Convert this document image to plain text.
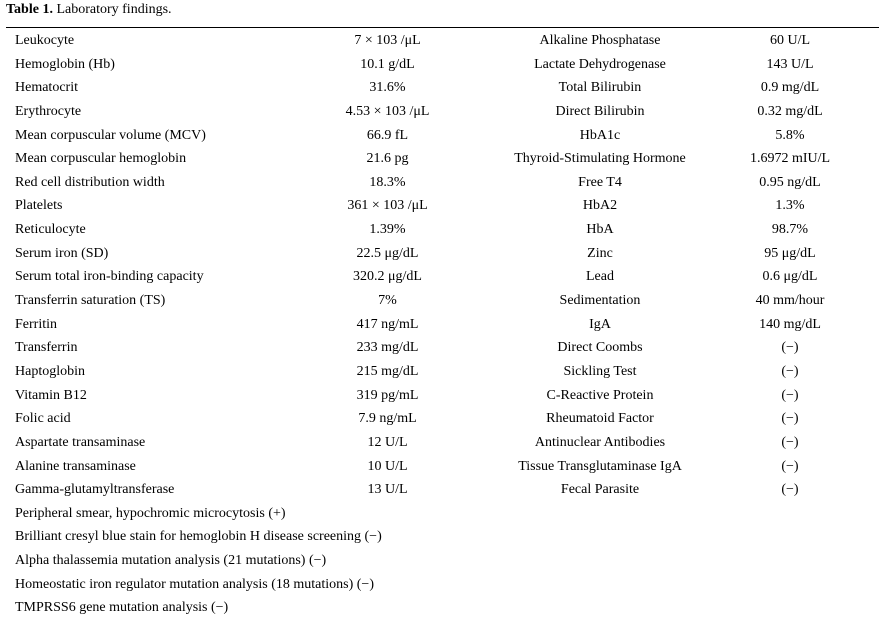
Table 1. Laboratory findings.
Leukocyte	7 × 103 /μL	Alkaline Phosphatase	60 U/L
Hemoglobin (Hb)	10.1 g/dL	Lactate Dehydrogenase	143 U/L
Hematocrit	31.6%	Total Bilirubin	0.9 mg/dL
Erythrocyte	4.53 × 103 /μL	Direct Bilirubin	0.32 mg/dL
Mean corpuscular volume (MCV)	66.9 fL	HbA1c	5.8%
Mean corpuscular hemoglobin	21.6 pg	Thyroid-Stimulating Hormone	1.6972 mIU/L
Red cell distribution width	18.3%	Free T4	0.95 ng/dL
Platelets	361 × 103 /μL	HbA2	1.3%
Reticulocyte	1.39%	HbA	98.7%
Serum iron (SD)	22.5 μg/dL	Zinc	95 μg/dL
Serum total iron-binding capacity	320.2 μg/dL	Lead	0.6 μg/dL
Transferrin saturation (TS)	7%	Sedimentation	40 mm/hour
Ferritin	417 ng/mL	IgA	140 mg/dL
Transferrin	233 mg/dL	Direct Coombs	(−)
Haptoglobin	215 mg/dL	Sickling Test	(−)
Vitamin B12	319 pg/mL	C-Reactive Protein	(−)
Folic acid	7.9 ng/mL	Rheumatoid Factor	(−)
Aspartate transaminase	12 U/L	Antinuclear Antibodies	(−)
Alanine transaminase	10 U/L	Tissue Transglutaminase IgA	(−)
Gamma-glutamyltransferase	13 U/L	Fecal Parasite	(−)
Peripheral smear, hypochromic microcytosis (+)
Brilliant cresyl blue stain for hemoglobin H disease screening (−)
Alpha thalassemia mutation analysis (21 mutations) (−)
Homeostatic iron regulator mutation analysis (18 mutations) (−)
TMPRSS6 gene mutation analysis (−)
